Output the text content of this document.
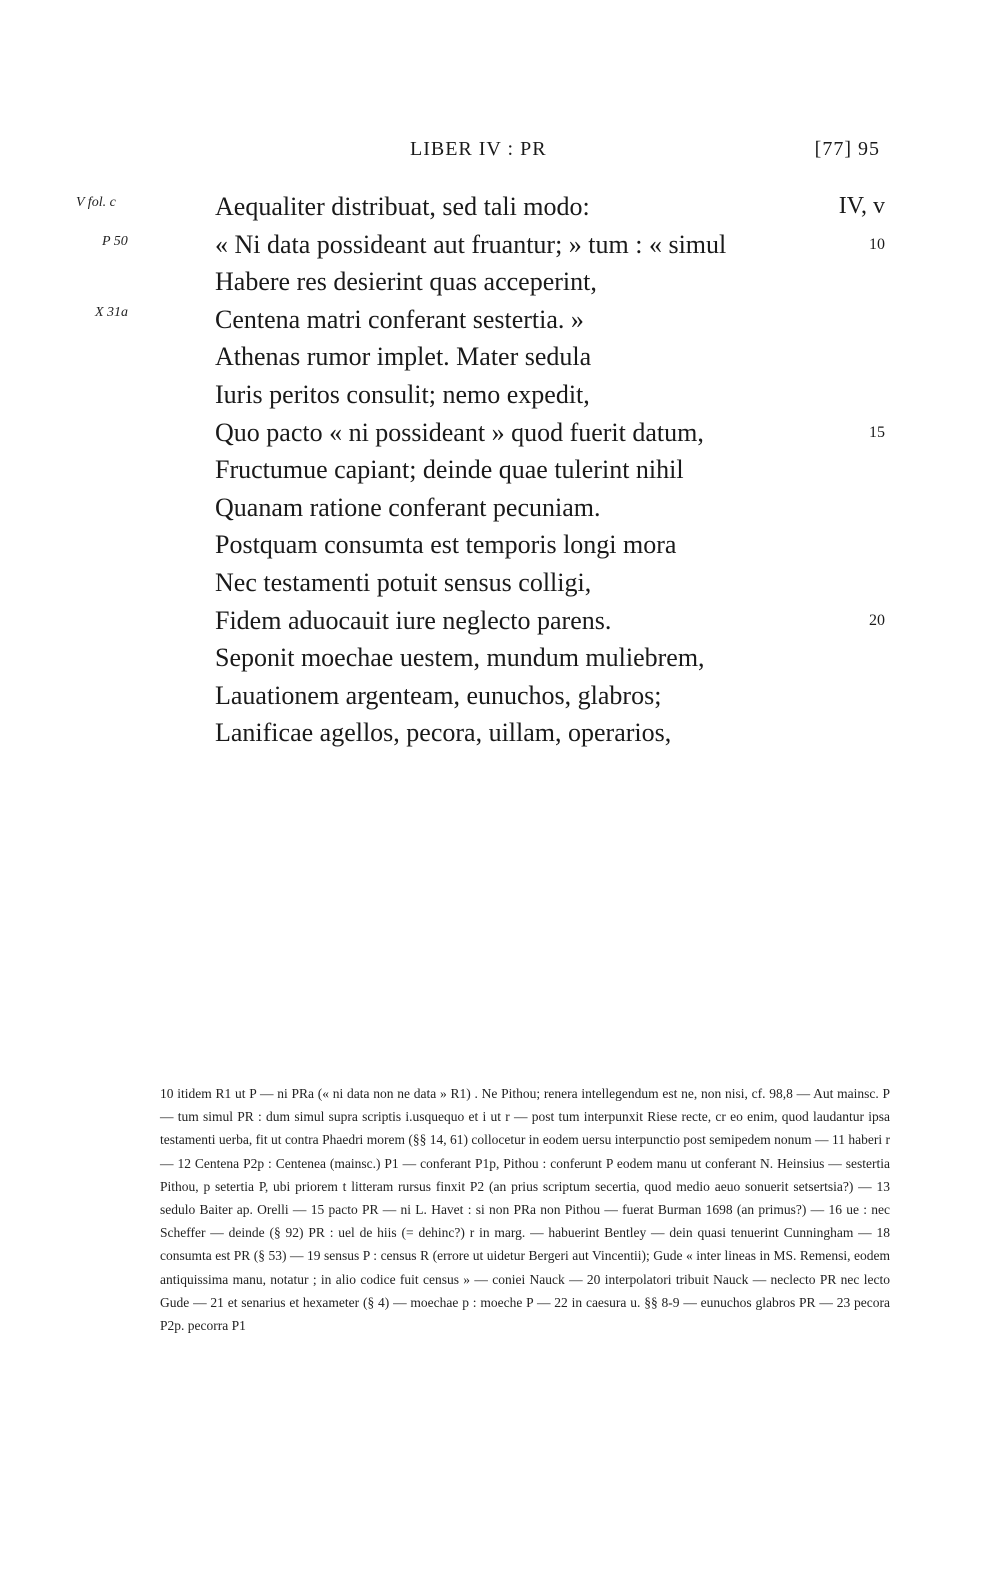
LIBER IV : PR	[77] 95
V fol. c
P 50
X 31a
Aequaliter distribuat, sed tali modo:	IV, v
« Ni data possideant aut fruantur; » tum : « simul	10
Habere res desierint quas acceperint,
Centena matri conferant sestertia. »
Athenas rumor implet. Mater sedula
Iuris peritos consulit; nemo expedit,
Quo pacto « ni possideant » quod fuerit datum,	15
Fructumue capiant; deinde quae tulerint nihil
Quanam ratione conferant pecuniam.
Postquam consumta est temporis longi mora
Nec testamenti potuit sensus colligi,
Fidem aduocauit iure neglecto parens.	20
Seponit moechae uestem, mundum muliebrem,
Lauationem argenteam, eunuchos, glabros;
Lanificae agellos, pecora, uillam, operarios,
10 itidem R1 ut P — ni PRa (« ni data non ne data » R1) . Ne Pithou; renera intellegendum est ne, non nisi, cf. 98,8 — Aut mainsc. P — tum simul PR : dum simul supra scriptis i.usquequo et i ut r — post tum interpunxit Riese recte, cr eo enim, quod laudantur ipsa testamenti uerba, fit ut contra Phaedri morem (§§ 14, 61) collocetur in eodem uersu interpunctio post semipedem nonum — 11 haberi r — 12 Centena P2p : Centenea (mainsc.) P1 — conferant P1p, Pithou : conferunt P eodem manu ut conferant N. Heinsius — sestertia Pithou, p setertia P, ubi priorem t litteram rursus finxit P2 (an prius scriptum secertia, quod medio aeuo sonuerit setsertsia?) — 13 sedulo Baiter ap. Orelli — 15 pacto PR — ni L. Havet : si non PRa non Pithou — fuerat Burman 1698 (an primus?) — 16 ue : nec Scheffer — deinde (§ 92) PR : uel de hiis (= dehinc?) r in marg. — habuerint Bentley — dein quasi tenuerint Cunningham — 18 consumta est PR (§ 53) — 19 sensus P : census R (errore ut uidetur Bergeri aut Vincentii); Gude « inter lineas in MS. Remensi, eodem antiquissima manu, notatur ; in alio codice fuit census » — coniei Nauck — 20 interpolatori tribuit Nauck — neclecto PR nec lecto Gude — 21 et senarius et hexameter (§ 4) — moechae p : moeche P — 22 in caesura u. §§ 8-9 — eunuchos glabros PR — 23 pecora P2p. pecorra P1
